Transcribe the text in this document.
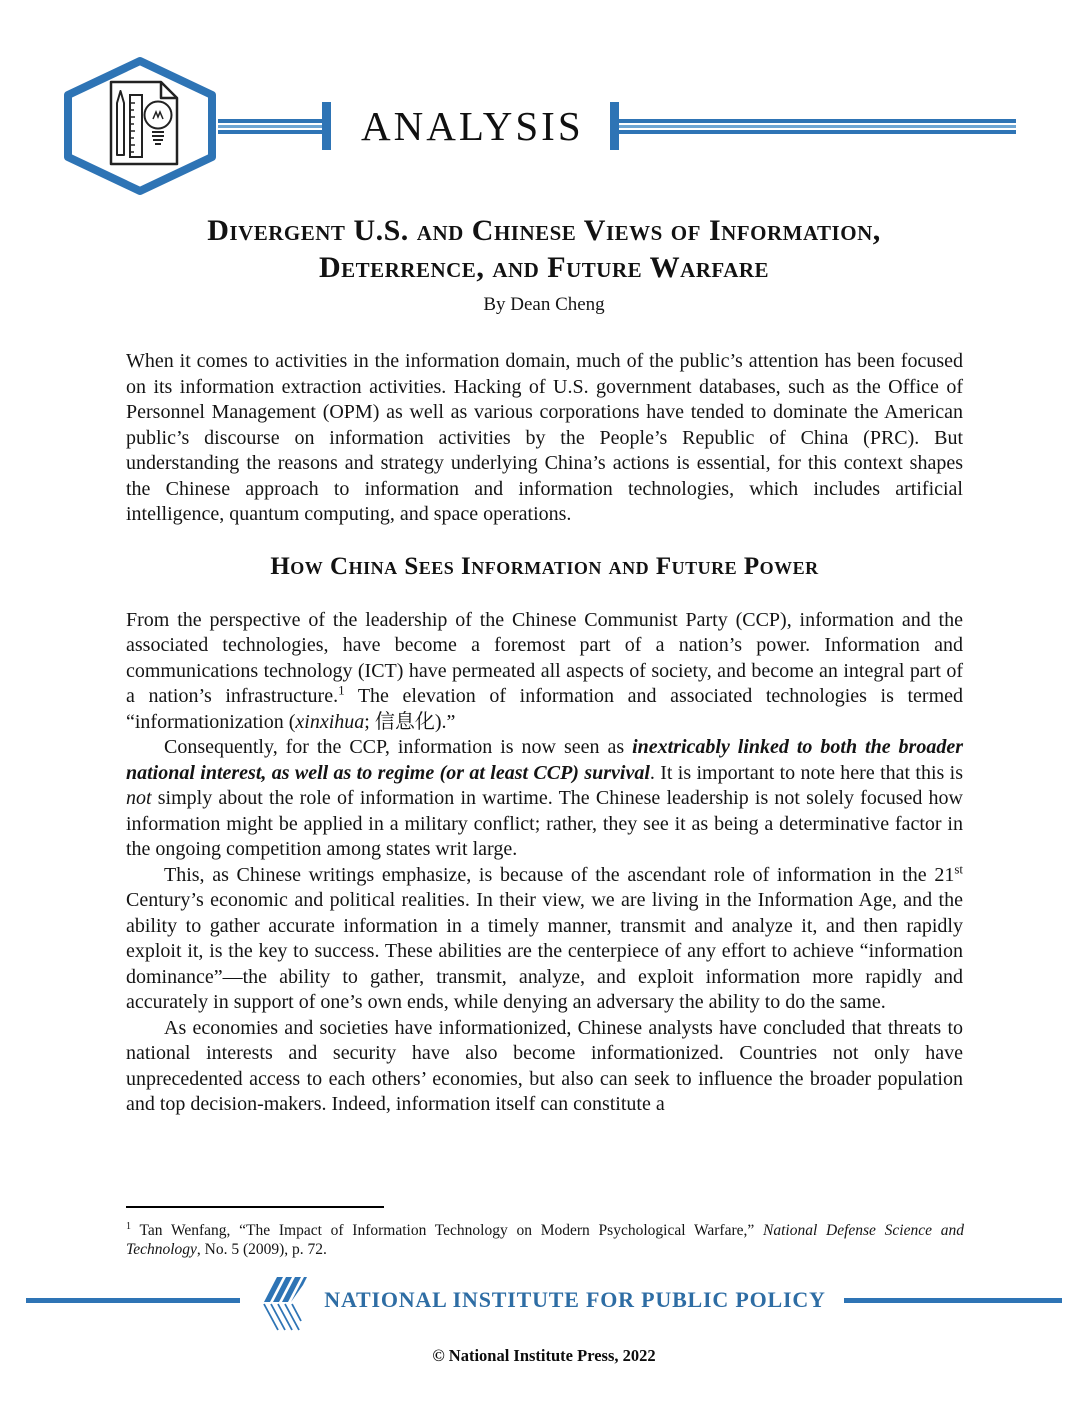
ANALYSIS
Divergent U.S. and Chinese Views of Information,
Deterrence, and Future Warfare
By Dean Cheng

When it comes to activities in the information domain, much of the public’s attention has been focused on its information extraction activities. Hacking of U.S. government databases, such as the Office of Personnel Management (OPM) as well as various corporations have tended to dominate the American public’s discourse on information activities by the People’s Republic of China (PRC). But understanding the reasons and strategy underlying China’s actions is essential, for this context shapes the Chinese approach to information and information technologies, which includes artificial intelligence, quantum computing, and space operations.

How China Sees Information and Future Power

From the perspective of the leadership of the Chinese Communist Party (CCP), information and the associated technologies, have become a foremost part of a nation’s power. Information and communications technology (ICT) have permeated all aspects of society, and become an integral part of a nation’s infrastructure.$^1$ The elevation of information and associated technologies is termed “informationization (xinxihua; 信息化).”

Consequently, for the CCP, information is now seen as inextricably linked to both the broader national interest, as well as to regime (or at least CCP) survival. It is important to note here that this is not simply about the role of information in wartime. The Chinese leadership is not solely focused how information might be applied in a military conflict; rather, they see it as being a determinative factor in the ongoing competition among states writ large.

This, as Chinese writings emphasize, is because of the ascendant role of information in the 21st Century’s economic and political realities. In their view, we are living in the Information Age, and the ability to gather accurate information in a timely manner, transmit and analyze it, and then rapidly exploit it, is the key to success. These abilities are the centerpiece of any effort to achieve “information dominance”—the ability to gather, transmit, analyze, and exploit information more rapidly and accurately in support of one’s own ends, while denying an adversary the ability to do the same.

As economies and societies have informationized, Chinese analysts have concluded that threats to national interests and security have also become informationized. Countries not only have unprecedented access to each others’ economies, but also can seek to influence the broader population and top decision-makers. Indeed, information itself can constitute a

$^1$ Tan Wenfang, “The Impact of Information Technology on Modern Psychological Warfare,” National Defense Science and Technology, No. 5 (2009), p. 72.
NATIONAL INSTITUTE FOR PUBLIC POLICY
© National Institute Press, 2022
